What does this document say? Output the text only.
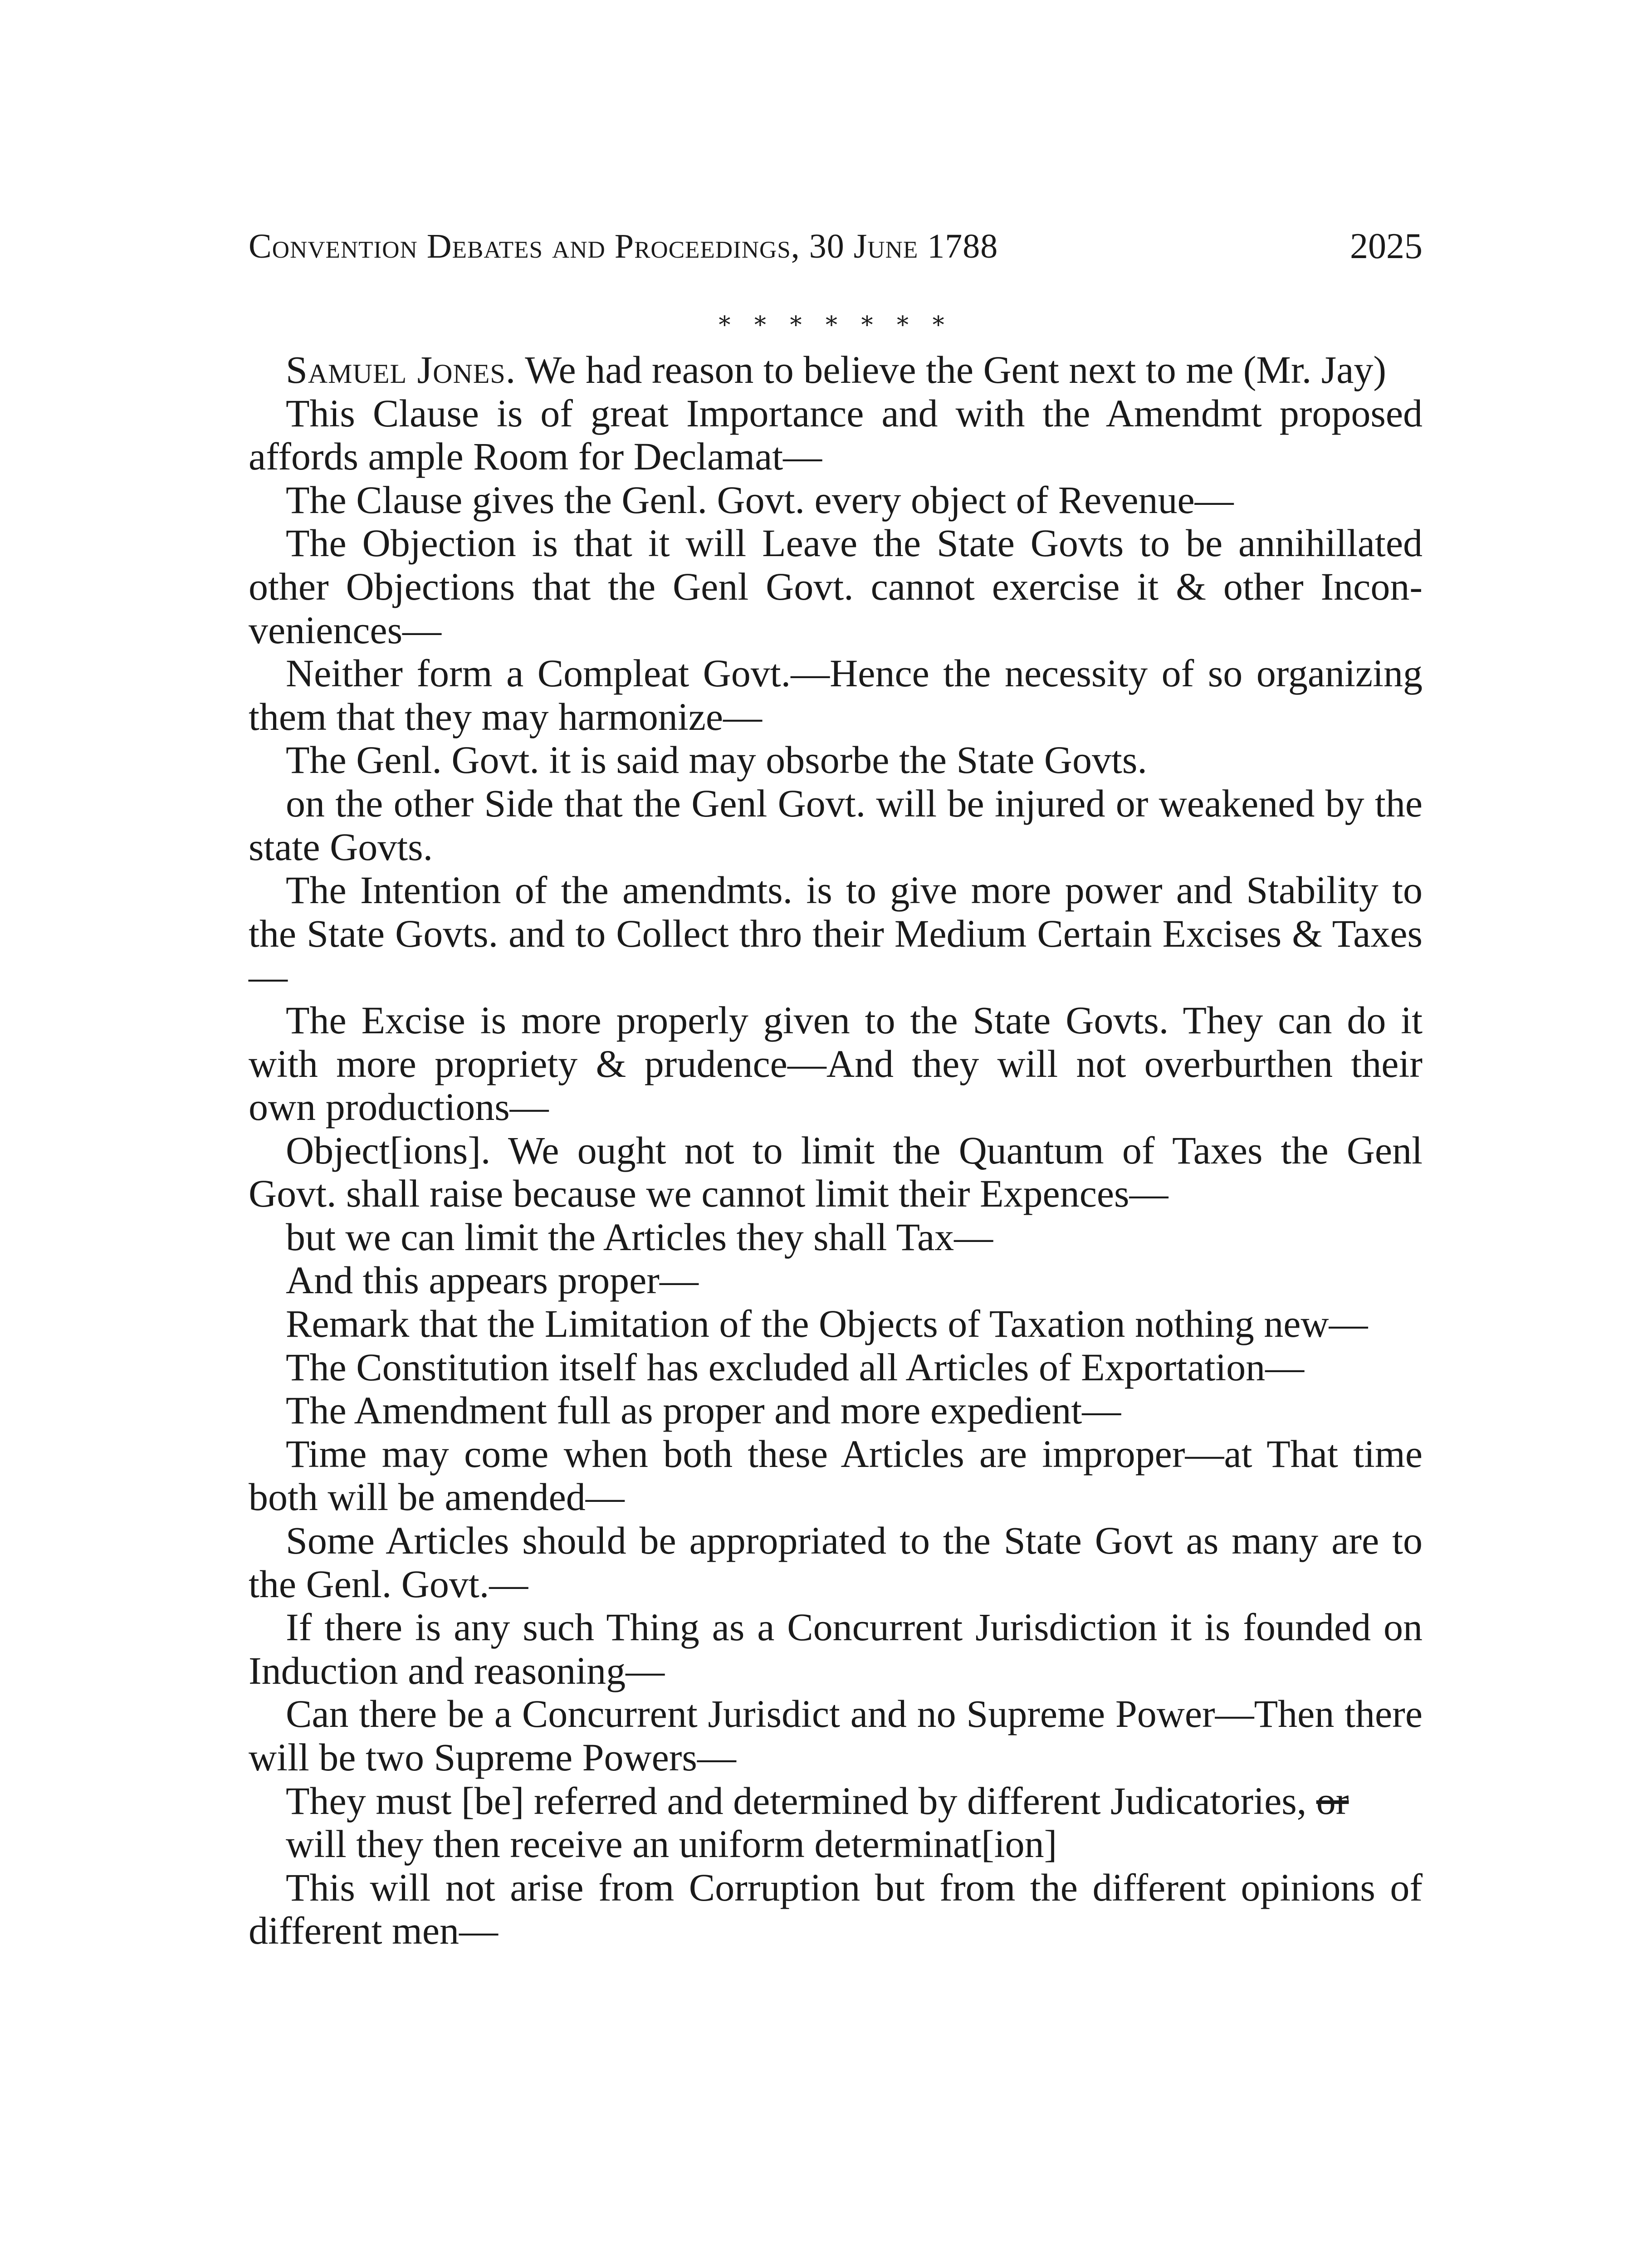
Convention Debates and Proceedings, 30 June 1788	2025
* * * * * * *

Samuel Jones. We had reason to believe the Gent next to me (Mr. Jay)

This Clause is of great Importance and with the Amendmt proposed affords ample Room for Declamat—

The Clause gives the Genl. Govt. every object of Revenue—

The Objection is that it will Leave the State Govts to be annihillated other Objections that the Genl Govt. cannot exercise it & other Inconveniences—

Neither form a Compleat Govt.—Hence the necessity of so organizing them that they may harmonize—

The Genl. Govt. it is said may obsorbe the State Govts.

on the other Side that the Genl Govt. will be injured or weakened by the state Govts.

The Intention of the amendmts. is to give more power and Stability to the State Govts. and to Collect thro their Medium Certain Excises & Taxes—

The Excise is more properly given to the State Govts. They can do it with more propriety & prudence—And they will not overburthen their own productions—

Object[ions]. We ought not to limit the Quantum of Taxes the Genl Govt. shall raise because we cannot limit their Expences—

but we can limit the Articles they shall Tax—

And this appears proper—

Remark that the Limitation of the Objects of Taxation nothing new—

The Constitution itself has excluded all Articles of Exportation—

The Amendment full as proper and more expedient—

Time may come when both these Articles are improper—at That time both will be amended—

Some Articles should be appropriated to the State Govt as many are to the Genl. Govt.—

If there is any such Thing as a Concurrent Jurisdiction it is founded on Induction and reasoning—

Can there be a Concurrent Jurisdict and no Supreme Power—Then there will be two Supreme Powers—

They must [be] referred and determined by different Judicatories, or

will they then receive an uniform determinat[ion]

This will not arise from Corruption but from the different opinions of different men—
